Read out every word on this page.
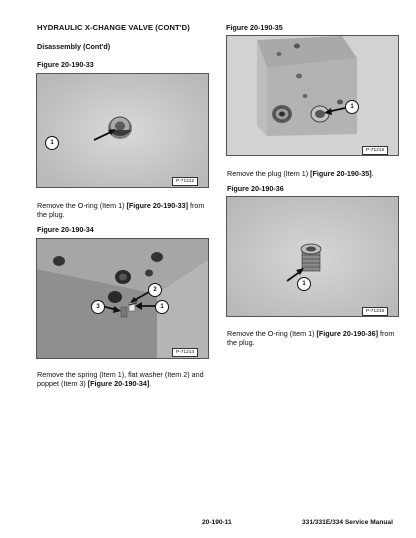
HYDRAULIC X-CHANGE VALVE (CONT'D)
Disassembly (Cont'd)
Figure 20-190-33
1
P-71212
Remove the O-ring (Item 1) [Figure 20-190-33] from the plug.
Figure 20-190-34
2
3	1
P-71214
Remove the spring (Item 1), flat washer (Item 2) and poppet (Item 3) [Figure 20-190-34].
Figure 20-190-35
1
P-71215
Remove the plug (Item 1) [Figure 20-190-35].
Figure 20-190-36
1
P-71216
Remove the O-ring (Item 1) [Figure 20-190-36] from the plug.
20-190-11	331/331E/334 Service Manual
